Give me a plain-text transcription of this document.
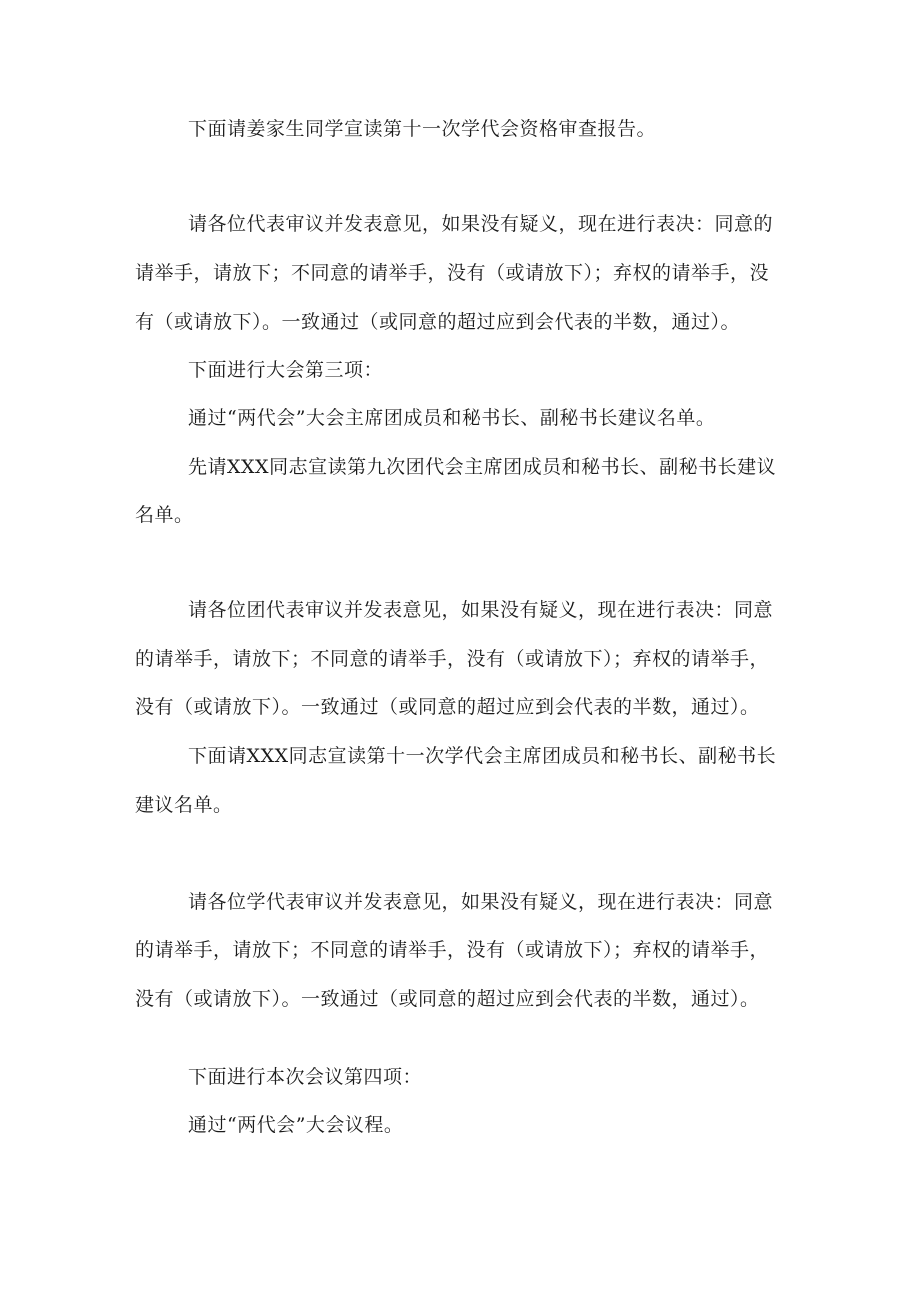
下面请姜家生同学宣读第十一次学代会资格审查报告。
请各位代表审议并发表意见，如果没有疑义，现在进行表决：同意的
请举手，请放下；不同意的请举手，没有（或请放下）；弃权的请举手，没
有（或请放下）。一致通过（或同意的超过应到会代表的半数，通过）。
下面进行大会第三项：
通过“两代会”大会主席团成员和秘书长、副秘书长建议名单。
先请XXX同志宣读第九次团代会主席团成员和秘书长、副秘书长建议
名单。
请各位团代表审议并发表意见，如果没有疑义，现在进行表决：同意
的请举手，请放下；不同意的请举手，没有（或请放下）；弃权的请举手，
没有（或请放下）。一致通过（或同意的超过应到会代表的半数，通过）。
下面请XXX同志宣读第十一次学代会主席团成员和秘书长、副秘书长
建议名单。
请各位学代表审议并发表意见，如果没有疑义，现在进行表决：同意
的请举手，请放下；不同意的请举手，没有（或请放下）；弃权的请举手，
没有（或请放下）。一致通过（或同意的超过应到会代表的半数，通过）。
下面进行本次会议第四项：
通过“两代会”大会议程。
